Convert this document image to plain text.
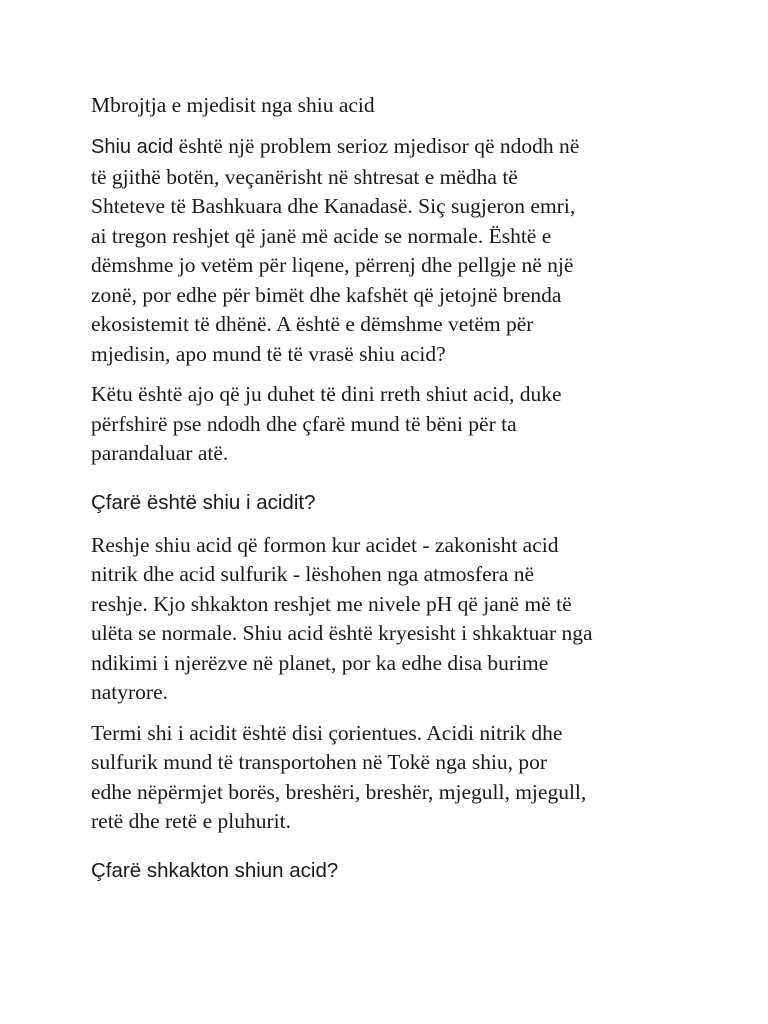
Mbrojtja e mjedisit nga shiu acid
Shiu acid është një problem serioz mjedisor që ndodh në
të gjithë botën, veçanërisht në shtresat e mëdha të
Shteteve të Bashkuara dhe Kanadasë. Siç sugjeron emri,
ai tregon reshjet që janë më acide se normale. Është e
dëmshme jo vetëm për liqene, përrenj dhe pellgje në një
zonë, por edhe për bimët dhe kafshët që jetojnë brenda
ekosistemit të dhënë. A është e dëmshme vetëm për
mjedisin, apo mund të të vrasë shiu acid?
Këtu është ajo që ju duhet të dini rreth shiut acid, duke
përfshirë pse ndodh dhe çfarë mund të bëni për ta
parandaluar atë.
Çfarë është shiu i acidit?
Reshje shiu acid që formon kur acidet - zakonisht acid
nitrik dhe acid sulfurik - lëshohen nga atmosfera në
reshje. Kjo shkakton reshjet me nivele pH që janë më të
ulëta se normale. Shiu acid është kryesisht i shkaktuar nga
ndikimi i njerëzve në planet, por ka edhe disa burime
natyrore.
Termi shi i acidit është disi çorientues. Acidi nitrik dhe
sulfurik mund të transportohen në Tokë nga shiu, por
edhe nëpërmjet borës, breshëri, breshër, mjegull, mjegull,
retë dhe retë e pluhurit.
Çfarë shkakton shiun acid?
